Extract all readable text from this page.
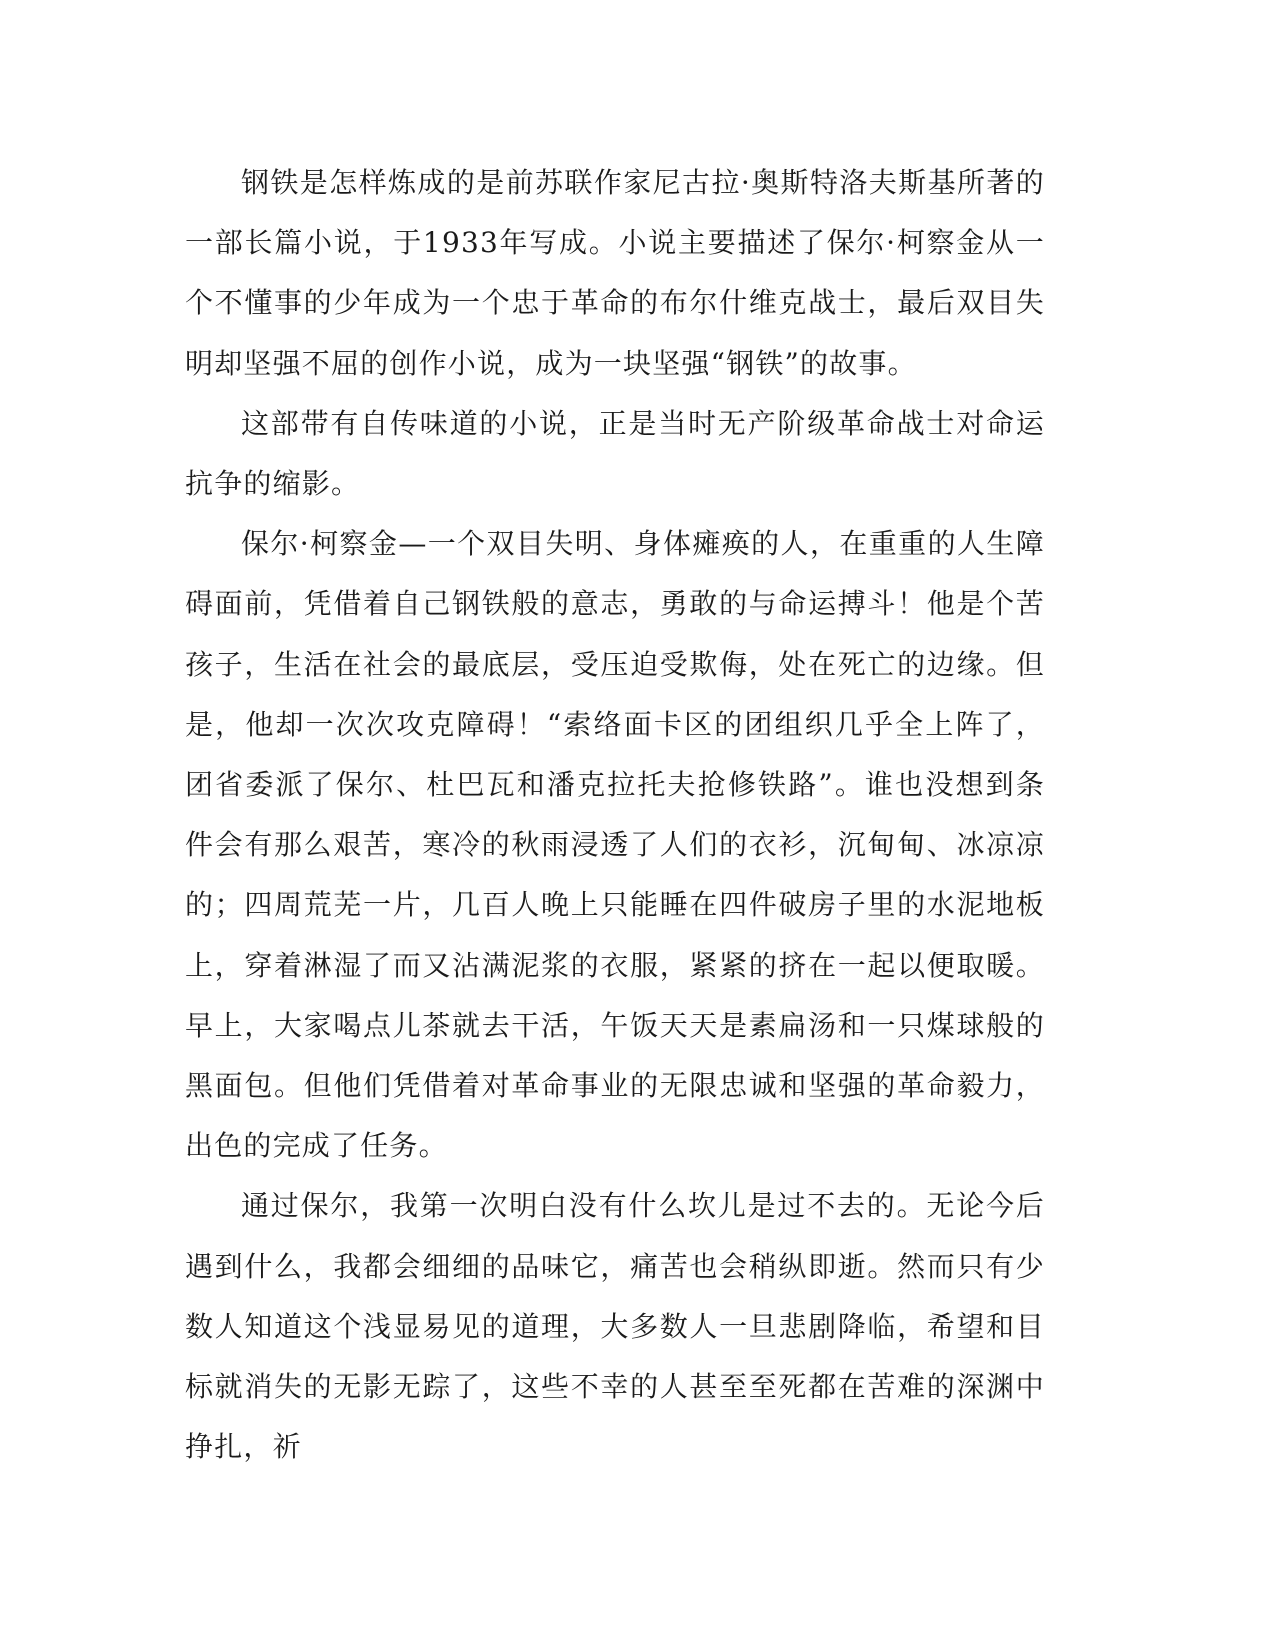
钢铁是怎样炼成的是前苏联作家尼古拉·奥斯特洛夫斯基所著的一部长篇小说，于1933年写成。小说主要描述了保尔·柯察金从一个不懂事的少年成为一个忠于革命的布尔什维克战士，最后双目失明却坚强不屈的创作小说，成为一块坚强“钢铁”的故事。

这部带有自传味道的小说，正是当时无产阶级革命战士对命运抗争的缩影。

保尔·柯察金—一个双目失明、身体瘫痪的人，在重重的人生障碍面前，凭借着自己钢铁般的意志，勇敢的与命运搏斗！他是个苦孩子，生活在社会的最底层，受压迫受欺侮，处在死亡的边缘。但是，他却一次次攻克障碍！“索络面卡区的团组织几乎全上阵了，团省委派了保尔、杜巴瓦和潘克拉托夫抢修铁路”。谁也没想到条件会有那么艰苦，寒冷的秋雨浸透了人们的衣衫，沉甸甸、冰凉凉的；四周荒芜一片，几百人晚上只能睡在四件破房子里的水泥地板上，穿着淋湿了而又沾满泥浆的衣服，紧紧的挤在一起以便取暖。早上，大家喝点儿茶就去干活，午饭天天是素扁汤和一只煤球般的黑面包。但他们凭借着对革命事业的无限忠诚和坚强的革命毅力，出色的完成了任务。

通过保尔，我第一次明白没有什么坎儿是过不去的。无论今后遇到什么，我都会细细的品味它，痛苦也会稍纵即逝。然而只有少数人知道这个浅显易见的道理，大多数人一旦悲剧降临，希望和目标就消失的无影无踪了，这些不幸的人甚至至死都在苦难的深渊中挣扎，祈
